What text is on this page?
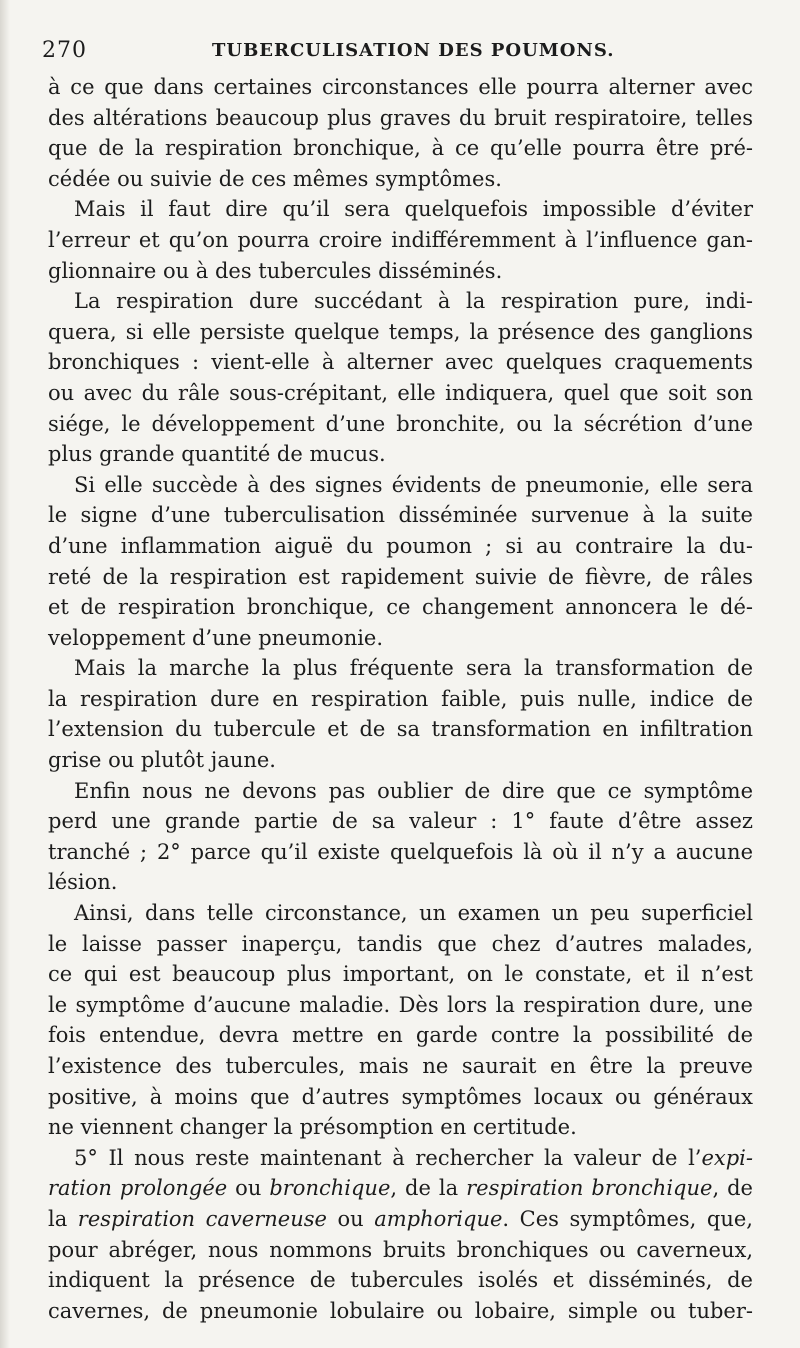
270	TUBERCULISATION DES POUMONS.
à ce que dans certaines circonstances elle pourra alterner avec
des altérations beaucoup plus graves du bruit respiratoire, telles
que de la respiration bronchique, à ce qu’elle pourra être pré-
cédée ou suivie de ces mêmes symptômes.
Mais il faut dire qu’il sera quelquefois impossible d’éviter
l’erreur et qu’on pourra croire indifféremment à l’influence gan-
glionnaire ou à des tubercules disséminés.
La respiration dure succédant à la respiration pure, indi-
quera, si elle persiste quelque temps, la présence des ganglions
bronchiques : vient-elle à alterner avec quelques craquements
ou avec du râle sous-crépitant, elle indiquera, quel que soit son
siége, le développement d’une bronchite, ou la sécrétion d’une
plus grande quantité de mucus.
Si elle succède à des signes évidents de pneumonie, elle sera
le signe d’une tuberculisation disséminée survenue à la suite
d’une inflammation aiguë du poumon ; si au contraire la du-
reté de la respiration est rapidement suivie de fièvre, de râles
et de respiration bronchique, ce changement annoncera le dé-
veloppement d’une pneumonie.
Mais la marche la plus fréquente sera la transformation de
la respiration dure en respiration faible, puis nulle, indice de
l’extension du tubercule et de sa transformation en infiltration
grise ou plutôt jaune.
Enfin nous ne devons pas oublier de dire que ce symptôme
perd une grande partie de sa valeur : 1° faute d’être assez
tranché ; 2° parce qu’il existe quelquefois là où il n’y a aucune
lésion.
Ainsi, dans telle circonstance, un examen un peu superficiel
le laisse passer inaperçu, tandis que chez d’autres malades,
ce qui est beaucoup plus important, on le constate, et il n’est
le symptôme d’aucune maladie. Dès lors la respiration dure, une
fois entendue, devra mettre en garde contre la possibilité de
l’existence des tubercules, mais ne saurait en être la preuve
positive, à moins que d’autres symptômes locaux ou généraux
ne viennent changer la présomption en certitude.
5° Il nous reste maintenant à rechercher la valeur de l’expi-
ration prolongée ou bronchique, de la respiration bronchique, de
la respiration caverneuse ou amphorique. Ces symptômes, que,
pour abréger, nous nommons bruits bronchiques ou caverneux,
indiquent la présence de tubercules isolés et disséminés, de
cavernes, de pneumonie lobulaire ou lobaire, simple ou tuber-
